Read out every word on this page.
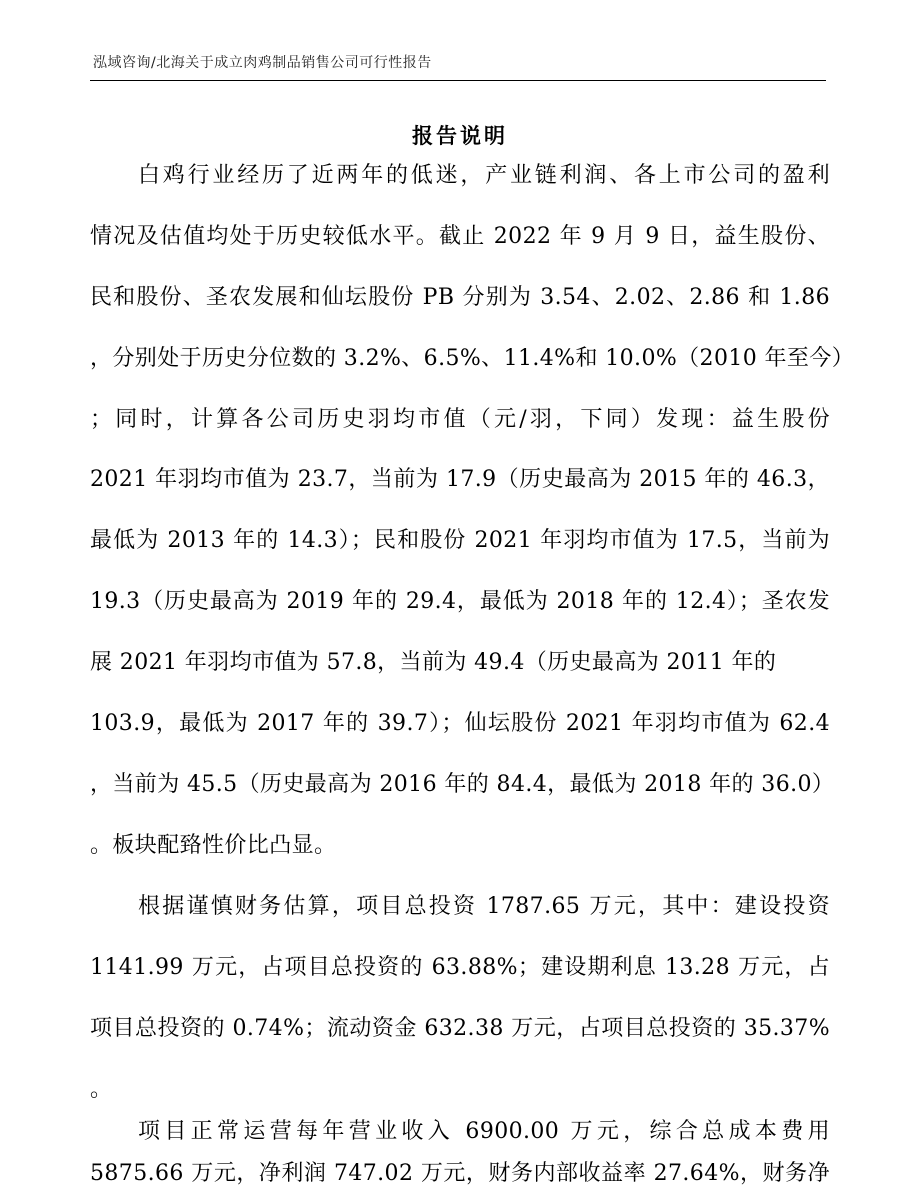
泓域咨询/北海关于成立肉鸡制品销售公司可行性报告
报告说明
白鸡行业经历了近两年的低迷，产业链利润、各上市公司的盈利
情况及估值均处于历史较低水平。截止 2022 年 9 月 9 日，益生股份、
民和股份、圣农发展和仙坛股份 PB 分别为 3.54、2.02、2.86 和 1.86
，分别处于历史分位数的 3.2%、6.5%、11.4%和 10.0%（2010 年至今）
；同时，计算各公司历史羽均市值（元/羽，下同）发现：益生股份
2021 年羽均市值为 23.7，当前为 17.9（历史最高为 2015 年的 46.3，
最低为 2013 年的 14.3）；民和股份 2021 年羽均市值为 17.5，当前为
19.3（历史最高为 2019 年的 29.4，最低为 2018 年的 12.4）；圣农发
展 2021 年羽均市值为 57.8，当前为 49.4（历史最高为 2011 年的
103.9，最低为 2017 年的 39.7）；仙坛股份 2021 年羽均市值为 62.4
，当前为 45.5（历史最高为 2016 年的 84.4，最低为 2018 年的 36.0）
。板块配臵性价比凸显。
根据谨慎财务估算，项目总投资 1787.65 万元，其中：建设投资
1141.99 万元，占项目总投资的 63.88%；建设期利息 13.28 万元，占
项目总投资的 0.74%；流动资金 632.38 万元，占项目总投资的 35.37%
。
项目正常运营每年营业收入 6900.00 万元，综合总成本费用
5875.66 万元，净利润 747.02 万元，财务内部收益率 27.64%，财务净
